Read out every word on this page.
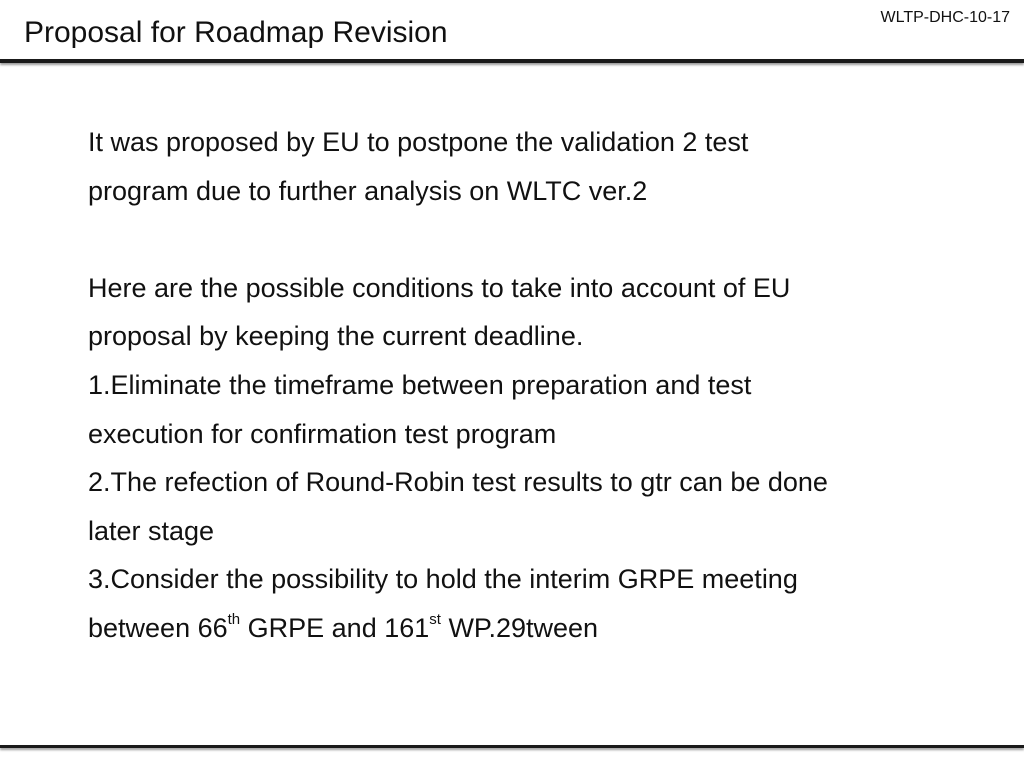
Proposal for Roadmap Revision	WLTP-DHC-10-17

It was proposed by EU to postpone the validation 2 test

program due to further analysis on WLTC ver.2

Here are the possible conditions to take into account of EU

proposal by keeping the current deadline.

1.Eliminate the timeframe between preparation and test

execution for confirmation test program

2.The refection of Round-Robin test results to gtr can be done

later stage

3.Consider the possibility to hold the interim GRPE meeting

between 66th GRPE and 161st WP.29tween
